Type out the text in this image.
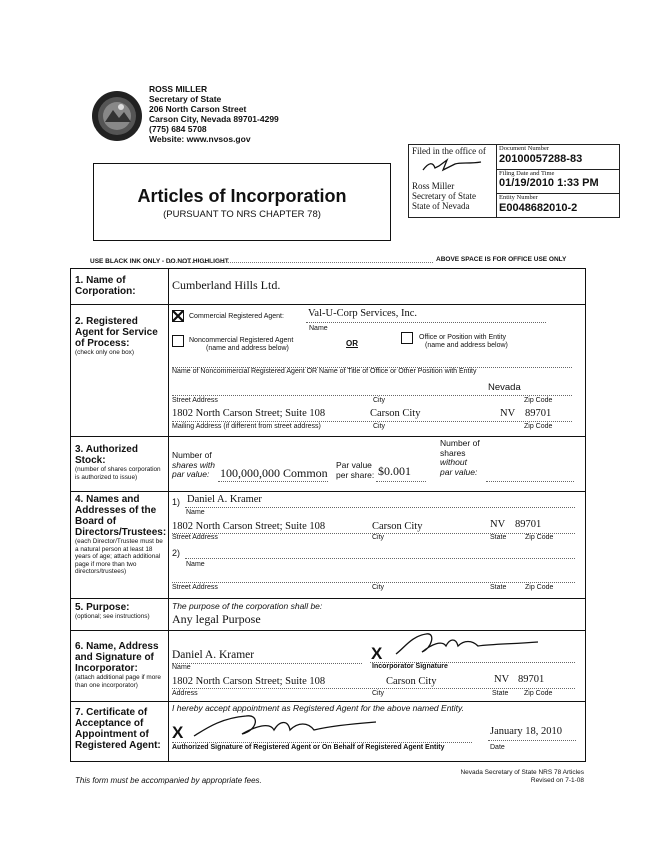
ROSS MILLER
Secretary of State
206 North Carson Street
Carson City, Nevada 89701-4299
(775) 684 5708
Website: www.nvsos.gov
Articles of Incorporation
(PURSUANT TO NRS CHAPTER 78)
Filed in the office of
Ross Miller
Secretary of State
State of Nevada
Document Number
20100057288-83
Filing Date and Time
01/19/2010 1:33 PM
Entity Number
E0048682010-2
USE BLACK INK ONLY - DO NOT HIGHLIGHT	ABOVE SPACE IS FOR OFFICE USE ONLY
1. Name of Corporation:	Cumberland Hills Ltd.
2. Registered Agent for Service of Process:
(check only one box)
Commercial Registered Agent: Val-U-Corp Services, Inc.
Name
Noncommercial Registered Agent
(name and address below)
OR
Office or Position with Entity
(name and address below)
Name of Noncommercial Registered Agent OR Name of Title of Office or Other Position with Entity
Nevada
Street Address	City	Zip Code
1802 North Carson Street; Suite 108	Carson City	NV 89701
Mailing Address (if different from street address)	City	Zip Code
3. Authorized Stock:
(number of shares corporation is authorized to issue)
Number of
shares with
par value: 100,000,000 Common
Par value
per share: $0.001
Number of
shares
without
par value:
4. Names and Addresses of the Board of Directors/Trustees:
(each Director/Trustee must be a natural person at least 18 years of age; attach additional page if more than two directors/trustees)
1) Daniel A. Kramer
Name
1802 North Carson Street; Suite 108	Carson City	NV 89701
Street Address	City	State	Zip Code
2)
Name
Street Address	City	State	Zip Code
5. Purpose:
(optional; see instructions)
The purpose of the corporation shall be:
Any legal Purpose
6. Name, Address and Signature of Incorporator:
(attach additional page if more than one incorporator)
Daniel A. Kramer
Name
X
Incorporator Signature
1802 North Carson Street; Suite 108	Carson City	NV 89701
Address	City	State Zip Code
7. Certificate of Acceptance of Appointment of Registered Agent:
I hereby accept appointment as Registered Agent for the above named Entity.
X	January 18, 2010
Authorized Signature of Registered Agent or On Behalf of Registered Agent Entity	Date
This form must be accompanied by appropriate fees.
Nevada Secretary of State NRS 78 Articles
Revised on 7-1-08
